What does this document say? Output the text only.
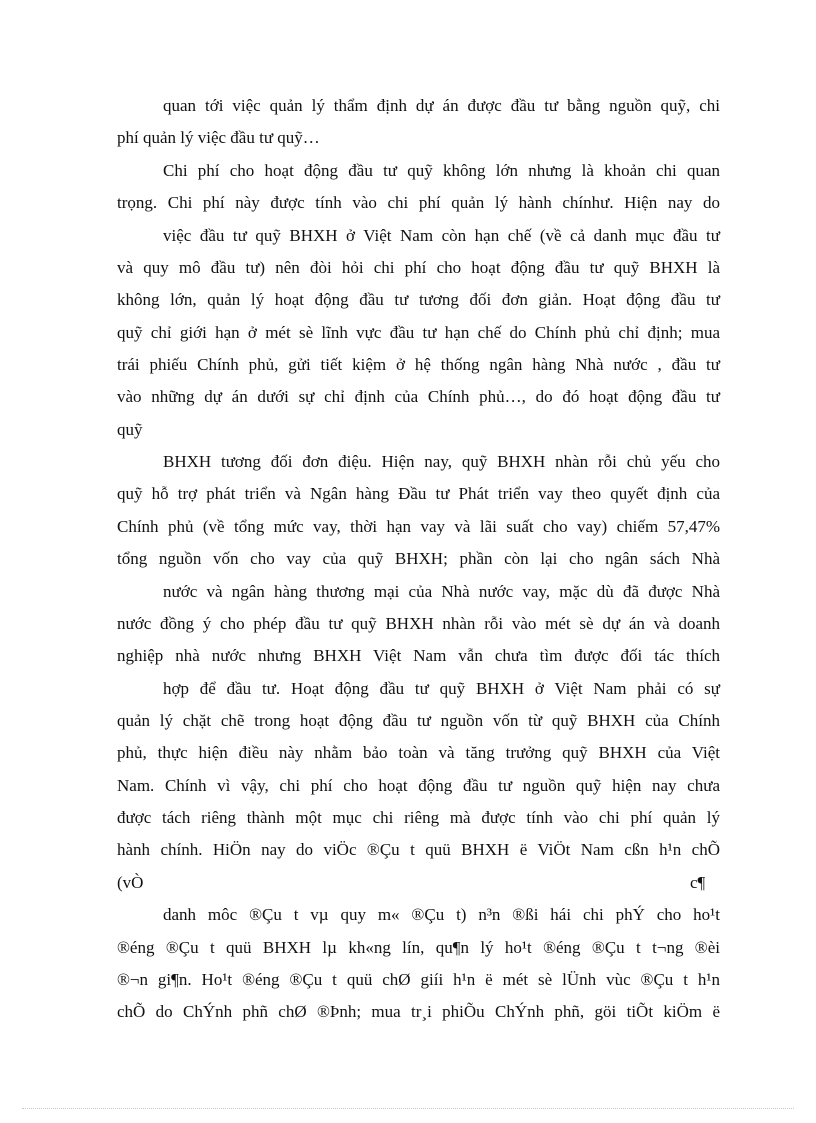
quan tới việc quản lý thẩm định dự án được đầu tư bằng nguồn quỹ, chi
phí quản lý việc đầu tư quỹ…
Chi phí cho hoạt động đầu tư quỹ không lớn nhưng là khoản chi quan
trọng. Chi phí này được tính vào chi phí quản lý hành chínhư. Hiện nay do
việc đầu tư quỹ BHXH ở Việt Nam còn hạn chế (về cả danh mục đầu tư
và quy mô đầu tư) nên đòi hỏi chi phí cho hoạt động đầu tư quỹ BHXH là
không lớn, quản lý hoạt động đầu tư tương đối đơn giản. Hoạt động đầu tư
quỹ chỉ giới hạn ở mét sè lĩnh vực đầu tư hạn chế do Chính phủ chỉ định; mua
trái phiếu Chính phủ, gửi tiết kiệm ở hệ thống ngân hàng Nhà nước , đầu tư
vào những dự án dưới sự chỉ định của Chính phủ…, do đó hoạt động đầu tư
quỹ
BHXH tương đối đơn điệu. Hiện nay, quỹ BHXH nhàn rỗi chủ yếu cho
quỹ hỗ trợ phát triển và Ngân hàng Đầu tư Phát triển vay theo quyết định của
Chính phủ (về tổng mức vay, thời hạn vay và lãi suất cho vay) chiếm 57,47%
tổng nguồn vốn cho vay của quỹ BHXH; phần còn lại cho ngân sách Nhà
nước và ngân hàng thương mại của Nhà nước vay, mặc dù đã được Nhà
nước đồng ý cho phép đầu tư quỹ BHXH nhàn rỗi vào mét sè dự án và doanh
nghiệp nhà nước nhưng BHXH Việt Nam vẫn chưa tìm được đối tác thích
hợp để đầu tư. Hoạt động đầu tư quỹ BHXH ở Việt Nam phải có sự
quản lý chặt chẽ trong hoạt động đầu tư nguồn vốn từ quỹ BHXH của Chính
phủ, thực hiện điều này nhằm bảo toàn và tăng trưởng quỹ BHXH của Việt
Nam. Chính vì vậy, chi phí cho hoạt động đầu tư nguồn quỹ hiện nay chưa
được tách riêng thành một mục chi riêng mà được tính vào chi phí quản lý
hành chính. HiÖn nay do viÖc ®Çu t quü BHXH ë ViÖt Nam cßn h¹n chÕ
(vÒ	c¶
danh môc ®Çu t vµ quy m« ®Çu t) n³n ®ßi hái chi phÝ cho ho¹t
®éng ®Çu t quü BHXH lµ kh«ng lín, qu¶n lý ho¹t ®éng ®Çu t t¬ng ®èi
®¬n gi¶n. Ho¹t ®éng ®Çu t quü chØ giíi h¹n ë mét sè lÜnh vùc ®Çu t h¹n
chÕ do ChÝnh phñ chØ ®Þnh; mua tr¸i phiÕu ChÝnh phñ, göi tiÕt kiÖm ë
